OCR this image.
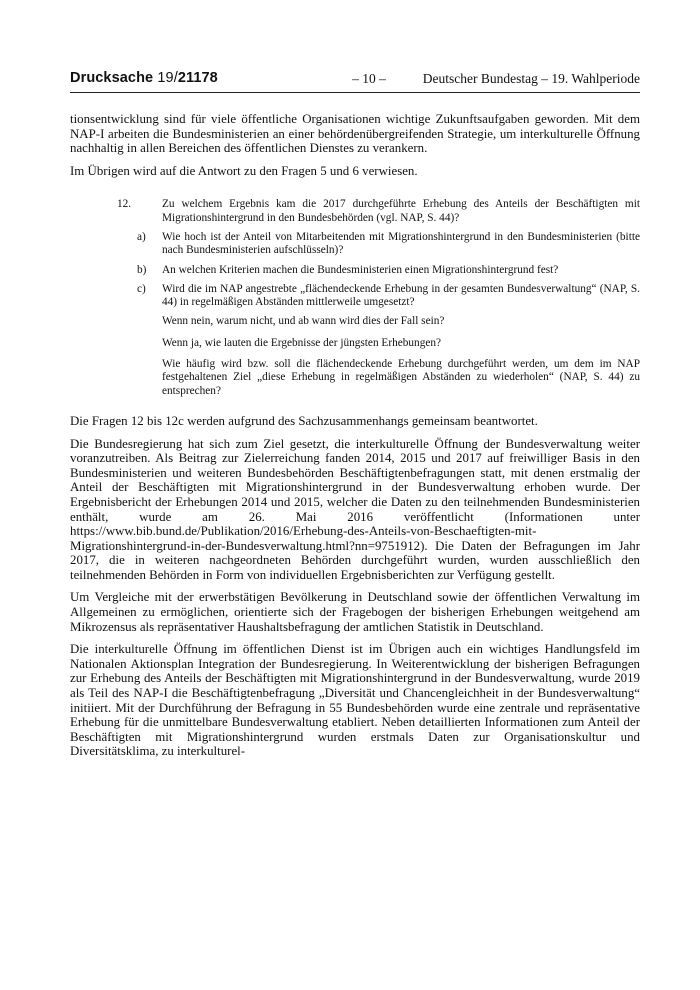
Drucksache 19/21178	– 10 –	Deutscher Bundestag – 19. Wahlperiode

tionsentwicklung sind für viele öffentliche Organisationen wichtige Zukunftsaufgaben geworden. Mit dem NAP-I arbeiten die Bundesministerien an einer behördenübergreifenden Strategie, um interkulturelle Öffnung nachhaltig in allen Bereichen des öffentlichen Dienstes zu verankern.

Im Übrigen wird auf die Antwort zu den Fragen 5 und 6 verwiesen.

12.	Zu welchem Ergebnis kam die 2017 durchgeführte Erhebung des Anteils der Beschäftigten mit Migrationshintergrund in den Bundesbehörden (vgl. NAP, S. 44)?
a) Wie hoch ist der Anteil von Mitarbeitenden mit Migrationshintergrund in den Bundesministerien (bitte nach Bundesministerien aufschlüsseln)?
b) An welchen Kriterien machen die Bundesministerien einen Migrationshintergrund fest?
c) Wird die im NAP angestrebte „flächendeckende Erhebung in der gesamten Bundesverwaltung“ (NAP, S. 44) in regelmäßigen Abständen mittlerweile umgesetzt?

Wenn nein, warum nicht, und ab wann wird dies der Fall sein?

Wenn ja, wie lauten die Ergebnisse der jüngsten Erhebungen?

Wie häufig wird bzw. soll die flächendeckende Erhebung durchgeführt werden, um dem im NAP festgehaltenen Ziel „diese Erhebung in regelmäßigen Abständen zu wiederholen“ (NAP, S. 44) zu entsprechen?

Die Fragen 12 bis 12c werden aufgrund des Sachzusammenhangs gemeinsam beantwortet.

Die Bundesregierung hat sich zum Ziel gesetzt, die interkulturelle Öffnung der Bundesverwaltung weiter voranzutreiben. Als Beitrag zur Zielerreichung fanden 2014, 2015 und 2017 auf freiwilliger Basis in den Bundesministerien und weiteren Bundesbehörden Beschäftigtenbefragungen statt, mit denen erstmalig der Anteil der Beschäftigten mit Migrationshintergrund in der Bundesverwaltung erhoben wurde. Der Ergebnisbericht der Erhebungen 2014 und 2015, welcher die Daten zu den teilnehmenden Bundesministerien enthält, wurde am 26. Mai 2016 veröffentlicht (Informationen unter https://www.bib.bund.de/Publikation/2016/Erhebung-des-Anteils-von-Beschaeftigten-mit-Migrationshintergrund-in-der-Bundesverwaltung.html?nn=9751912). Die Daten der Befragungen im Jahr 2017, die in weiteren nachgeordneten Behörden durchgeführt wurden, wurden ausschließlich den teilnehmenden Behörden in Form von individuellen Ergebnisberichten zur Verfügung gestellt.

Um Vergleiche mit der erwerbstätigen Bevölkerung in Deutschland sowie der öffentlichen Verwaltung im Allgemeinen zu ermöglichen, orientierte sich der Fragebogen der bisherigen Erhebungen weitgehend am Mikrozensus als repräsentativer Haushaltsbefragung der amtlichen Statistik in Deutschland.

Die interkulturelle Öffnung im öffentlichen Dienst ist im Übrigen auch ein wichtiges Handlungsfeld im Nationalen Aktionsplan Integration der Bundesregierung. In Weiterentwicklung der bisherigen Befragungen zur Erhebung des Anteils der Beschäftigten mit Migrationshintergrund in der Bundesverwaltung, wurde 2019 als Teil des NAP-I die Beschäftigtenbefragung „Diversität und Chancengleichheit in der Bundesverwaltung“ initiiert. Mit der Durchführung der Befragung in 55 Bundesbehörden wurde eine zentrale und repräsentative Erhebung für die unmittelbare Bundesverwaltung etabliert. Neben detaillierten Informationen zum Anteil der Beschäftigten mit Migrationshintergrund wurden erstmals Daten zur Organisationskultur und Diversitätsklima, zu interkulturel-
